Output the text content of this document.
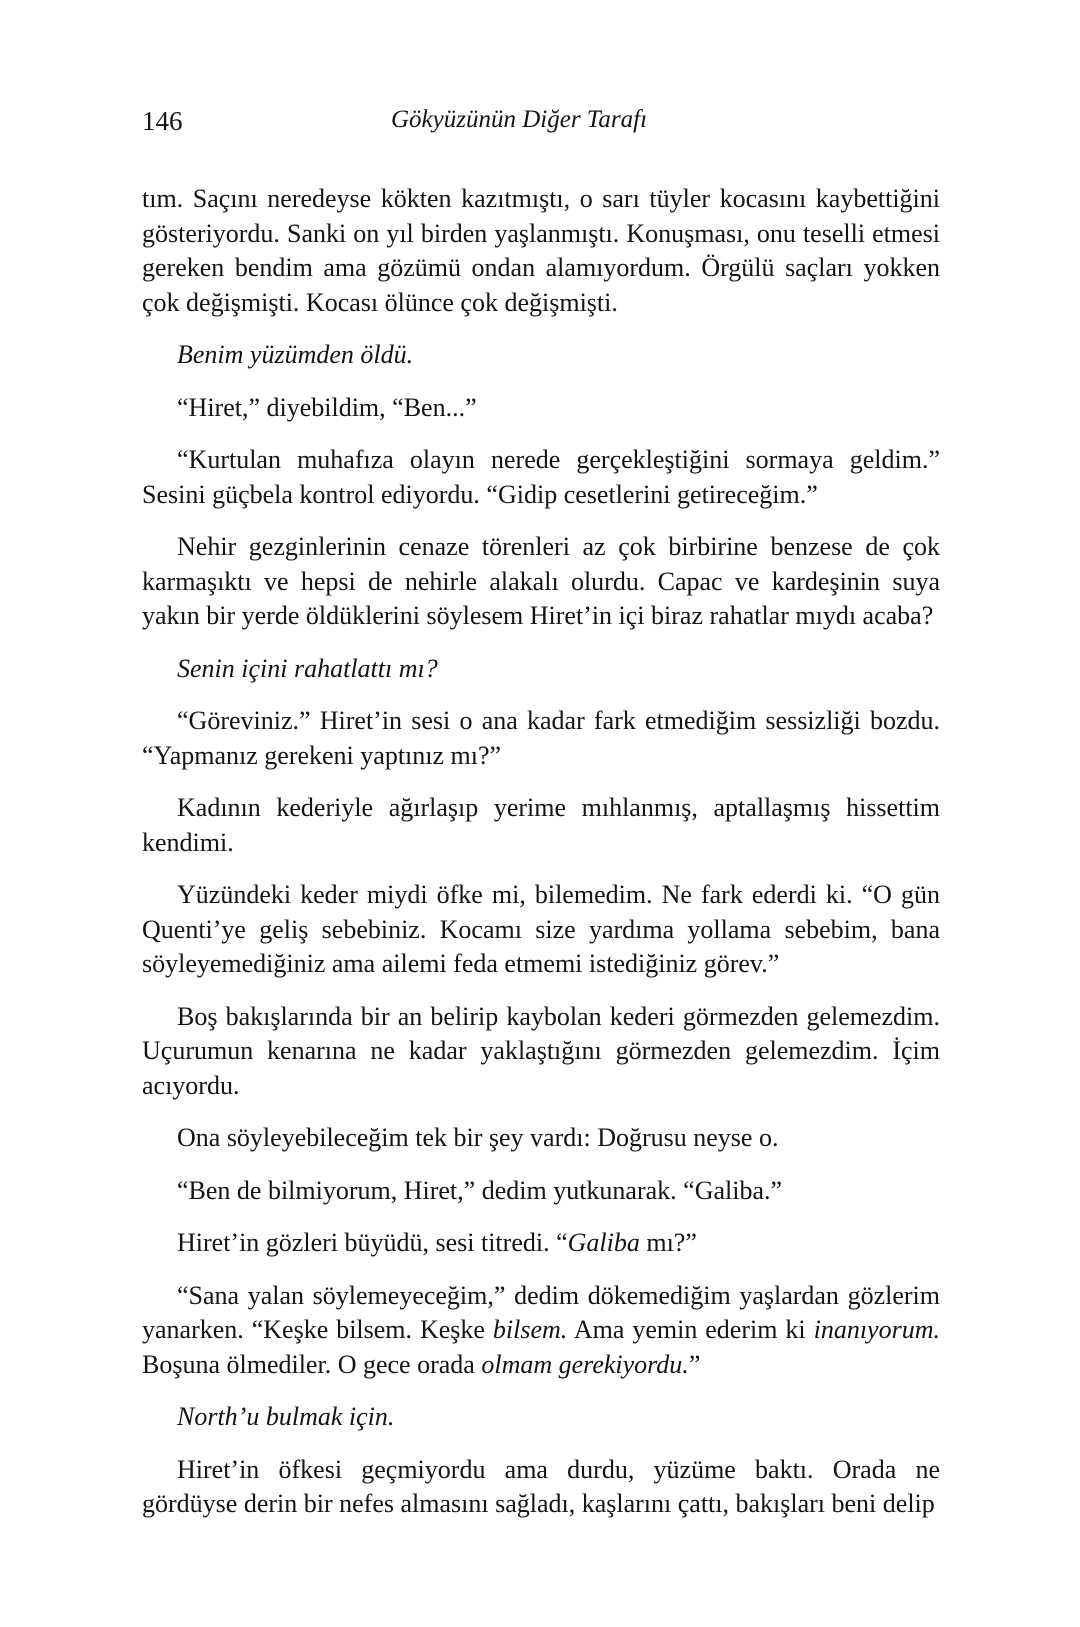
146	Gökyüzünün Diğer Tarafı

tım. Saçını neredeyse kökten kazıtmıştı, o sarı tüyler kocasını kaybettiğini gösteriyordu. Sanki on yıl birden yaşlanmıştı. Konuşması, onu teselli etmesi gereken bendim ama gözümü ondan alamıyordum. Örgülü saçları yokken çok değişmişti. Kocası ölünce çok değişmişti.

Benim yüzümden öldü.

“Hiret,” diyebildim, “Ben...”

“Kurtulan muhafıza olayın nerede gerçekleştiğini sormaya geldim.” Sesini güçbela kontrol ediyordu. “Gidip cesetlerini getireceğim.”

Nehir gezginlerinin cenaze törenleri az çok birbirine benzese de çok karmaşıktı ve hepsi de nehirle alakalı olurdu. Capac ve kardeşinin suya yakın bir yerde öldüklerini söylesem Hiret’in içi biraz rahatlar mıydı acaba?

Senin içini rahatlattı mı?

“Göreviniz.” Hiret’in sesi o ana kadar fark etmediğim sessizliği bozdu. “Yapmanız gerekeni yaptınız mı?”

Kadının kederiyle ağırlaşıp yerime mıhlanmış, aptallaşmış hissettim kendimi.

Yüzündeki keder miydi öfke mi, bilemedim. Ne fark ederdi ki. “O gün Quenti’ye geliş sebebiniz. Kocamı size yardıma yollama sebebim, bana söyleyemediğiniz ama ailemi feda etmemi istediğiniz görev.”

Boş bakışlarında bir an belirip kaybolan kederi görmezden gelemezdim. Uçurumun kenarına ne kadar yaklaştığını görmezden gelemezdim. İçim acıyordu.

Ona söyleyebileceğim tek bir şey vardı: Doğrusu neyse o.

“Ben de bilmiyorum, Hiret,” dedim yutkunarak. “Galiba.”

Hiret’in gözleri büyüdü, sesi titredi. “Galiba mı?”

“Sana yalan söylemeyeceğim,” dedim dökemediğim yaşlardan gözlerim yanarken. “Keşke bilsem. Keşke bilsem. Ama yemin ederim ki inanıyorum. Boşuna ölmediler. O gece orada olmam gerekiyordu.”

North’u bulmak için.

Hiret’in öfkesi geçmiyordu ama durdu, yüzüme baktı. Orada ne gördüyse derin bir nefes almasını sağladı, kaşlarını çattı, bakışları beni delip
